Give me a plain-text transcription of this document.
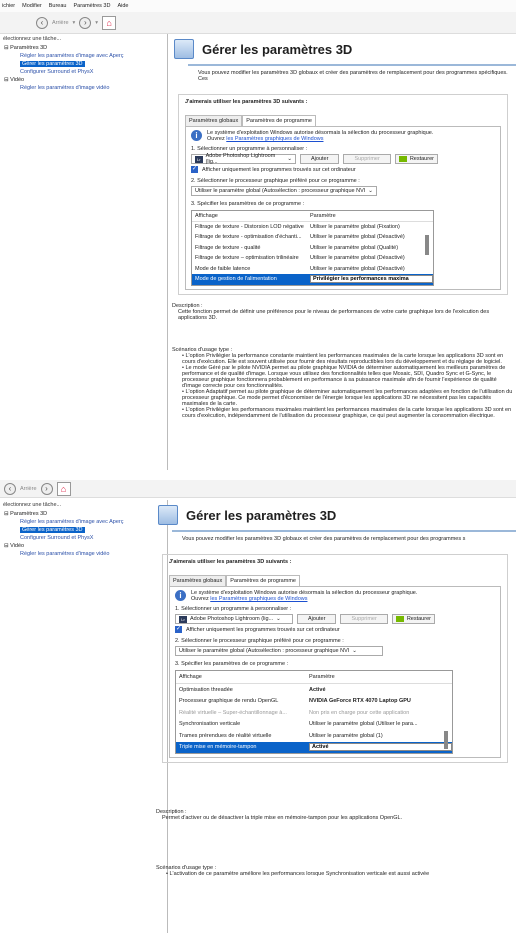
ichier Modifier Bureau Paramètres 3D Aide
‹	Arrière ▾	›	▾ ⌂
électionnez une tâche...
⊟ Paramètres 3D
Régler les paramètres d'image avec Aperç
Gérer les paramètres 3D
Configurer Surround et PhysX
⊟ Vidéo
Régler les paramètres d'image vidéo
Gérer les paramètres 3D
Vous pouvez modifier les paramètres 3D globaux et créer des paramètres de remplacement pour des programmes spécifiques. Ces
J'aimerais utiliser les paramètres 3D suivants :
Paramètres globaux	Paramètres de programme
i	Le système d'exploitation Windows autorise désormais la sélection du processeur graphique.
Ouvrez les Paramètres graphiques de Windows
1. Sélectionner un programme à personnaliser :
Lr Adobe Photoshop Lightroom (lig...	⌄	Ajouter	Supprimer	Restaurer
✓ Afficher uniquement les programmes trouvés sur cet ordinateur
2. Sélectionner le processeur graphique préféré pour ce programme :
Utiliser le paramètre global (Autosélection : processeur graphique NVI ⌄
3. Spécifier les paramètres de ce programme :
Affichage	Paramètre
Filtrage de texture - Distorsion LOD négative	Utiliser le paramètre global (Fixation)
Filtrage de texture - optimisation d'échanti...	Utiliser le paramètre global (Désactivé)
Filtrage de texture - qualité	Utiliser le paramètre global (Qualité)
Filtrage de texture – optimisation trilinéaire	Utiliser le paramètre global (Désactivé)
Mode de faible latence	Utiliser le paramètre global (Désactivé)
Mode de gestion de l'alimentation	Privilégier les performances maxima
Description :

Cette fonction permet de définir une préférence pour le niveau de performances de votre carte graphique lors de l'exécution des applications 3D.

Scénarios d'usage type :
• L'option Privilégier la performance constante maintient les performances maximales de la carte lorsque les applications 3D sont en cours d'exécution. Elle est souvent utilisée pour fournir des résultats reproductibles lors du développement et du réglage de logiciel.
• Le mode Géré par le pilote NVIDIA permet au pilote graphique NVIDIA de déterminer automatiquement les meilleurs paramètres de performance et de qualité d'image. Lorsque vous utilisez des fonctionnalités telles que Mosaic, SDI, Quadro Sync et G-Sync, le processeur graphique fonctionnera probablement en performance à sa puissance maximale afin de fournir l'expérience de qualité d'image correcte pour ces fonctionnalités.
• L'option Adaptatif permet au pilote graphique de déterminer automatiquement les performances adaptées en fonction de l'utilisation du processeur graphique. Ce mode permet d'économiser de l'énergie lorsque les applications 3D ne nécessitent pas les capacités maximales de la carte.
• L'option Privilégier les performances maximales maintient les performances maximales de la carte lorsque les applications 3D sont en cours d'exécution, indépendamment de l'utilisation du processeur graphique, ce qui peut augmenter la consommation électrique.
‹	Arrière	›	⌂
électionnez une tâche...
⊟ Paramètres 3D
Régler les paramètres d'image avec Aperç
Gérer les paramètres 3D
Configurer Surround et PhysX
⊟ Vidéo
Régler les paramètres d'image vidéo
Gérer les paramètres 3D
Vous pouvez modifier les paramètres 3D globaux et créer des paramètres de remplacement pour des programmes s
J'aimerais utiliser les paramètres 3D suivants :
Paramètres globaux	Paramètres de programme
i	Le système d'exploitation Windows autorise désormais la sélection du processeur graphique.
Ouvrez les Paramètres graphiques de Windows
1. Sélectionner un programme à personnaliser :
Lr Adobe Photoshop Lightroom (lig... ⌄	Ajouter	Supprimer	Restaurer
✓ Afficher uniquement les programmes trouvés sur cet ordinateur
2. Sélectionner le processeur graphique préféré pour ce programme :
Utiliser le paramètre global (Autosélection : processeur graphique NVI ⌄
3. Spécifier les paramètres de ce programme :
Affichage	Paramètre
Optimisation threadée	Activé
Processeur graphique de rendu OpenGL	NVIDIA GeForce RTX 4070 Laptop GPU
Réalité virtuelle – Super-échantillonnage à...	Non pris en charge pour cette application
Synchronisation verticale	Utiliser le paramètre global (Utiliser le para...
Trames prérendues de réalité virtuelle	Utiliser le paramètre global (1)
Triple mise en mémoire-tampon	Activé
Description :

Permet d'activer ou de désactiver la triple mise en mémoire-tampon pour les applications OpenGL.

Scénarios d'usage type :
• L'activation de ce paramètre améliore les performances lorsque Synchronisation verticale est aussi activée
